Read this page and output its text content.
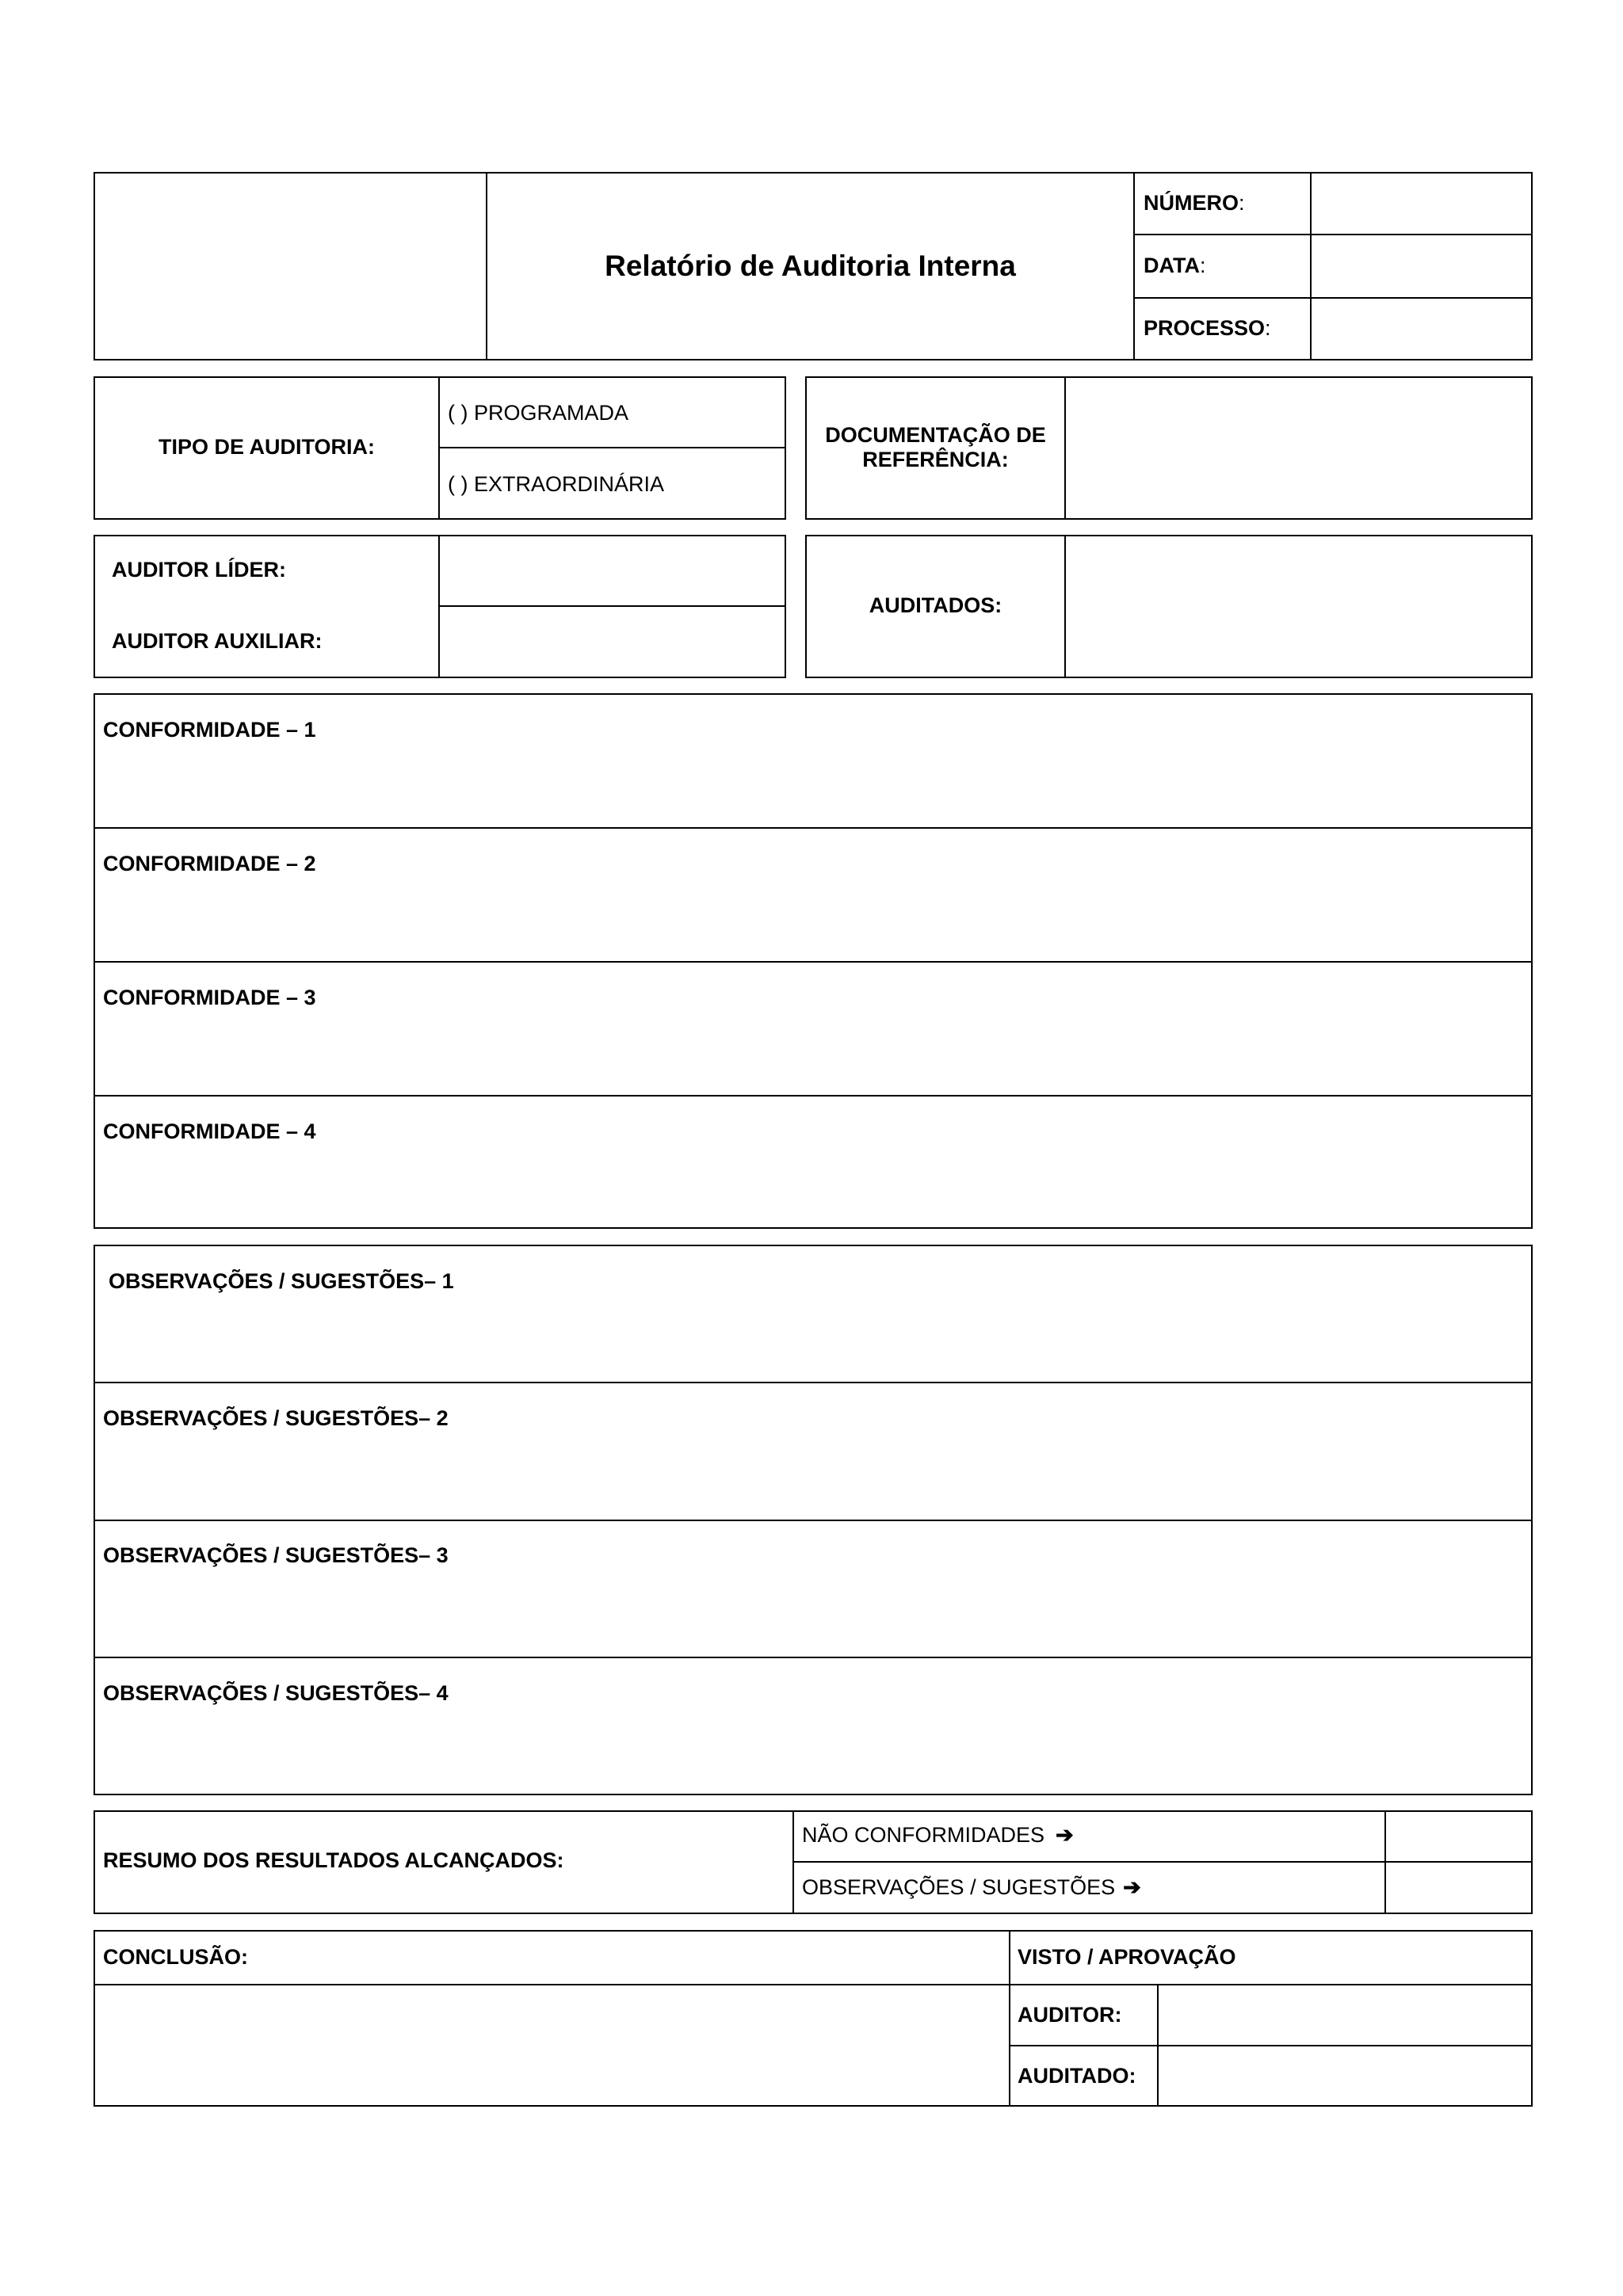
Relatório de Auditoria Interna
NÚMERO:
DATA:
PROCESSO:
TIPO DE AUDITORIA:
( ) PROGRAMADA
( ) EXTRAORDINÁRIA
DOCUMENTAÇÃO DE
REFERÊNCIA:
AUDITOR LÍDER:
AUDITOR AUXILIAR:
AUDITADOS:
CONFORMIDADE – 1
CONFORMIDADE – 2
CONFORMIDADE – 3
CONFORMIDADE – 4
OBSERVAÇÕES / SUGESTÕES– 1
OBSERVAÇÕES / SUGESTÕES– 2
OBSERVAÇÕES / SUGESTÕES– 3
OBSERVAÇÕES / SUGESTÕES– 4
RESUMO DOS RESULTADOS ALCANÇADOS:
NÃO CONFORMIDADES ➔
OBSERVAÇÕES / SUGESTÕES ➔
CONCLUSÃO:	VISTO / APROVAÇÃO
AUDITOR:
AUDITADO:
